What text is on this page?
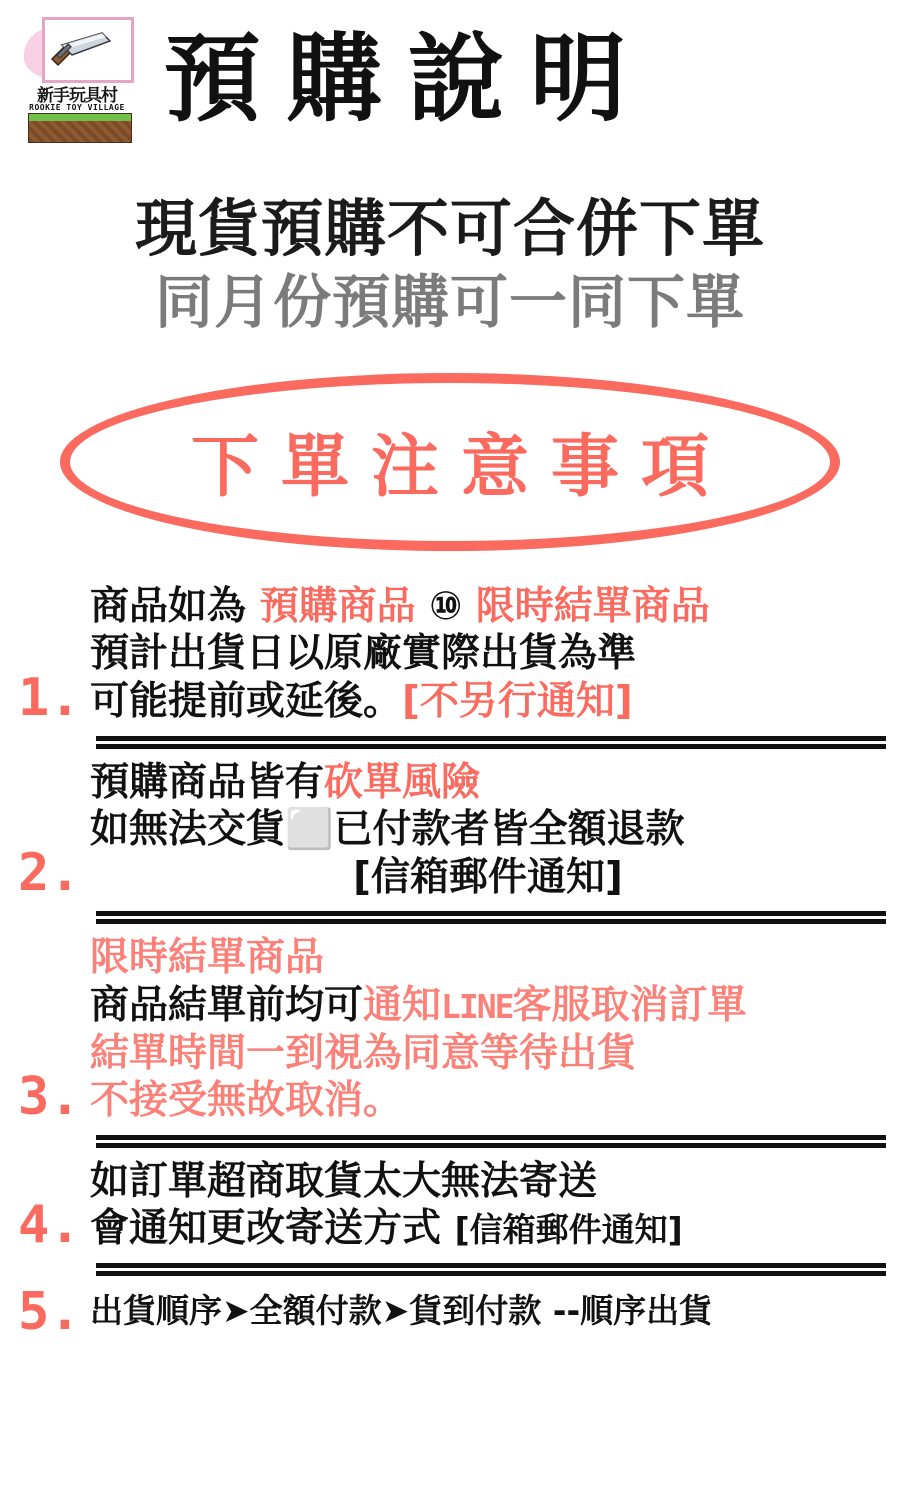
新手玩具村
ROOKIE TOY VILLAGE 預購說明
現貨預購不可合併下單
同月份預購可一同下單
下單注意事項
1.
商品如為 預購商品 ⑩ 限時結單商品
預計出貨日以原廠實際出貨為準
可能提前或延後。[不另行通知]
2.
預購商品皆有砍單風險
如無法交貨⬜已付款者皆全額退款
[信箱郵件通知]
3.
限時結單商品
商品結單前均可通知LINE客服取消訂單
結單時間一到視為同意等待出貨
不接受無故取消。
4.
如訂單超商取貨太大無法寄送
會通知更改寄送方式 [信箱郵件通知]
5. 出貨順序➤全額付款➤貨到付款 --順序出貨
